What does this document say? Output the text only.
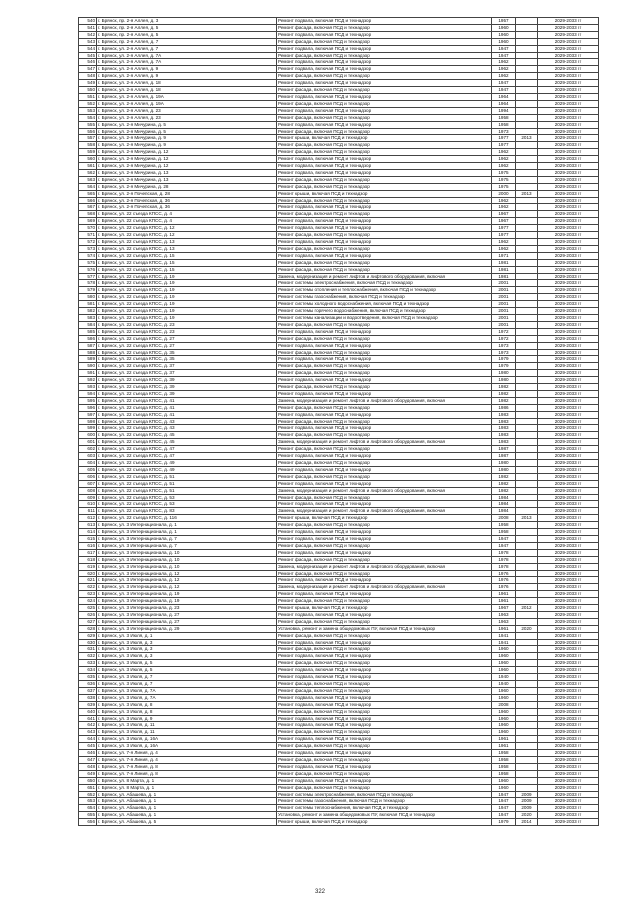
540	г. Брянск, пр. 2-я Аллея, д. 3	Ремонт подвала, включая ПСД и технадзор	1957		2029-2033 гг
541	г. Брянск, пр. 2-я Аллея, д. 5	Ремонт фасада, включая ПСД и технадзор	1960		2029-2033 гг
542	г. Брянск, пр. 2-я Аллея, д. 5	Ремонт подвала, включая ПСД и технадзор	1960		2029-2033 гг
543	г. Брянск, пр. 2-я Аллея, д. 7	Ремонт фасада, включая ПСД и технадзор	1960		2029-2033 гг
544	г. Брянск, ул. 2-я Аллея, д. 7	Ремонт подвала, включая ПСД и технадзор	1947		2029-2033 гг
545	г. Брянск, ул. 2-я Аллея, д. 7А	Ремонт фасада, включая ПСД и технадзор	1947		2029-2033 гг
546	г. Брянск, ул. 2-я Аллея, д. 7А	Ремонт подвала, включая ПСД и технадзор	1962		2029-2033 гг
547	г. Брянск, ул. 2-я Аллея, д. 9	Ремонт подвала, включая ПСД и технадзор	1962		2029-2033 гг
548	г. Брянск, ул. 2-я Аллея, д. 9	Ремонт фасада, включая ПСД и технадзор	1962		2029-2033 гг
549	г. Брянск, ул. 2-я Аллея, д. 18	Ремонт подвала, включая ПСД и технадзор	1947		2029-2033 гг
550	г. Брянск, ул. 2-я Аллея, д. 18	Ремонт фасада, включая ПСД и технадзор	1947		2029-2033 гг
551	г. Брянск, ул. 2-я Аллея, д. 19А	Ремонт подвала, включая ПСД и технадзор	1964		2029-2033 гг
552	г. Брянск, ул. 2-я Аллея, д. 19А	Ремонт фасада, включая ПСД и технадзор	1964		2029-2033 гг
553	г. Брянск, ул. 2-я Аллея, д. 23	Ремонт подвала, включая ПСД и технадзор	1994		2029-2033 гг
554	г. Брянск, ул. 2-я Аллея, д. 23	Ремонт фасада, включая ПСД и технадзор	1958		2029-2033 гг
555	г. Брянск, ул. 2-я Мичурина, д. 5	Ремонт подвала, включая ПСД и технадзор	1958		2029-2033 гг
556	г. Брянск, ул. 2-я Мичурина, д. 5	Ремонт фасада, включая ПСД и технадзор	1973		2029-2033 гг
557	г. Брянск, ул. 2-я Мичурина, д. 9	Ремонт крыши, включая ПСД и технадзор	1977	2013	2029-2033 гг
558	г. Брянск, ул. 2-я Мичурина, д. 9	Ремонт фасада, включая ПСД и технадзор	1977		2029-2033 гг
559	г. Брянск, ул. 2-я Мичурина, д. 12	Ремонт фасада, включая ПСД и технадзор	1962		2029-2033 гг
560	г. Брянск, ул. 2-я Мичурина, д. 12	Ремонт подвала, включая ПСД и технадзор	1962		2029-2033 гг
561	г. Брянск, ул. 2-я Мичурина, д. 12	Ремонт подвала, включая ПСД и технадзор	1962		2029-2033 гг
562	г. Брянск, ул. 2-я Мичурина, д. 13	Ремонт подвала, включая ПСД и технадзор	1975		2029-2033 гг
563	г. Брянск, ул. 2-я Мичурина, д. 13	Ремонт фасада, включая ПСД и технадзор	1975		2029-2033 гг
564	г. Брянск, ул. 2-я Мичурина, д. 28	Ремонт фасада, включая ПСД и технадзор	1975		2029-2033 гг
565	г. Брянск, ул. 2-я Почепская, д. 28	Ремонт крыши, включая ПСД и технадзор	2000	2013	2029-2033 гг
566	г. Брянск, ул. 2-я Почепская, д. 36	Ремонт фасада, включая ПСД и технадзор	1962		2029-2033 гг
567	г. Брянск, ул. 2-я Почепская, д. 36	Ремонт подвала, включая ПСД и технадзор	1962		2029-2033 гг
568	г. Брянск, ул. 22 съезда КПСС, д. 4	Ремонт фасада, включая ПСД и технадзор	1967		2029-2033 гг
569	г. Брянск, ул. 22 съезда КПСС, д. 4	Ремонт подвала, включая ПСД и технадзор	1967		2029-2033 гг
570	г. Брянск, ул. 22 съезда КПСС, д. 12	Ремонт подвала, включая ПСД и технадзор	1977		2029-2033 гг
571	г. Брянск, ул. 22 съезда КПСС, д. 12	Ремонт фасада, включая ПСД и технадзор	1977		2029-2033 гг
572	г. Брянск, ул. 22 съезда КПСС, д. 13	Ремонт подвала, включая ПСД и технадзор	1962		2029-2033 гг
573	г. Брянск, ул. 22 съезда КПСС, д. 13	Ремонт фасада, включая ПСД и технадзор	1962		2029-2033 гг
574	г. Брянск, ул. 22 съезда КПСС, д. 15	Ремонт подвала, включая ПСД и технадзор	1971		2029-2033 гг
575	г. Брянск, ул. 22 съезда КПСС, д. 15	Ремонт фасада, включая ПСД и технадзор	1981		2029-2033 гг
576	г. Брянск, ул. 22 съезда КПСС, д. 15	Ремонт фасада, включая ПСД и технадзор	1981		2029-2033 гг
577	г. Брянск, ул. 22 съезда КПСС, д. 19	Замена, модернизация и ремонт лифтов и лифтового оборудования, включая	1981		2029-2033 гг
578	г. Брянск, ул. 22 съезда КПСС, д. 19	Ремонт системы электроснабжения, включая ПСД и технадзор	2001		2029-2033 гг
579	г. Брянск, ул. 22 съезда КПСС, д. 19	Ремонт системы отопления и теплоснабжения, включая ПСД и технадзор	2001		2029-2033 гг
580	г. Брянск, ул. 22 съезда КПСС, д. 19	Ремонт системы газоснабжения, включая ПСД и технадзор	2001		2029-2033 гг
581	г. Брянск, ул. 22 съезда КПСС, д. 19	Ремонт системы холодного водоснабжения, включая ПСД и технадзор	2001		2029-2033 гг
582	г. Брянск, ул. 22 съезда КПСС, д. 19	Ремонт системы горячего водоснабжения, включая ПСД и технадзор	2001		2029-2033 гг
583	г. Брянск, ул. 22 съезда КПСС, д. 19	Ремонт системы канализации и водоотведения, включая ПСД и технадзор	2001		2029-2033 гг
584	г. Брянск, ул. 22 съезда КПСС, д. 23	Ремонт фасада, включая ПСД и технадзор	2001		2029-2033 гг
585	г. Брянск, ул. 22 съезда КПСС, д. 23	Ремонт подвала, включая ПСД и технадзор	1972		2029-2033 гг
586	г. Брянск, ул. 22 съезда КПСС, д. 27	Ремонт фасада, включая ПСД и технадзор	1972		2029-2033 гг
587	г. Брянск, ул. 22 съезда КПСС, д. 27	Ремонт подвала, включая ПСД и технадзор	1973		2029-2033 гг
588	г. Брянск, ул. 22 съезда КПСС, д. 35	Ремонт фасада, включая ПСД и технадзор	1973		2029-2033 гг
589	г. Брянск, ул. 22 съезда КПСС, д. 35	Ремонт подвала, включая ПСД и технадзор	1979		2029-2033 гг
590	г. Брянск, ул. 22 съезда КПСС, д. 37	Ремонт фасада, включая ПСД и технадзор	1979		2029-2033 гг
591	г. Брянск, ул. 22 съезда КПСС, д. 37	Ремонт фасада, включая ПСД и технадзор	1980		2029-2033 гг
592	г. Брянск, ул. 22 съезда КПСС, д. 39	Ремонт подвала, включая ПСД и технадзор	1980		2029-2033 гг
593	г. Брянск, ул. 22 съезда КПСС, д. 39	Ремонт фасада, включая ПСД и технадзор	1982		2029-2033 гг
594	г. Брянск, ул. 22 съезда КПСС, д. 39	Ремонт подвала, включая ПСД и технадзор	1982		2029-2033 гг
595	г. Брянск, ул. 22 съезда КПСС, д. 41	Замена, модернизация и ремонт лифтов и лифтового оборудования, включая	1982		2029-2033 гг
596	г. Брянск, ул. 22 съезда КПСС, д. 41	Ремонт фасада, включая ПСД и технадзор	1986		2029-2033 гг
597	г. Брянск, ул. 22 съезда КПСС, д. 41	Ремонт подвала, включая ПСД и технадзор	1983		2029-2033 гг
598	г. Брянск, ул. 22 съезда КПСС, д. 43	Ремонт фасада, включая ПСД и технадзор	1983		2029-2033 гг
599	г. Брянск, ул. 22 съезда КПСС, д. 43	Ремонт подвала, включая ПСД и технадзор	1983		2029-2033 гг
600	г. Брянск, ул. 22 съезда КПСС, д. 45	Ремонт фасада, включая ПСД и технадзор	1983		2029-2033 гг
601	г. Брянск, ул. 22 съезда КПСС, д. 45	Замена, модернизация и ремонт лифтов и лифтового оборудования, включая	1983		2029-2033 гг
602	г. Брянск, ул. 22 съезда КПСС, д. 47	Ремонт фасада, включая ПСД и технадзор	1987		2029-2033 гг
603	г. Брянск, ул. 22 съезда КПСС, д. 47	Ремонт подвала, включая ПСД и технадзор	1987		2029-2033 гг
604	г. Брянск, ул. 22 съезда КПСС, д. 49	Ремонт фасада, включая ПСД и технадзор	1980		2029-2033 гг
605	г. Брянск, ул. 22 съезда КПСС, д. 49	Ремонт подвала, включая ПСД и технадзор	1980		2029-2033 гг
606	г. Брянск, ул. 22 съезда КПСС, д. 51	Ремонт фасада, включая ПСД и технадзор	1982		2029-2033 гг
607	г. Брянск, ул. 22 съезда КПСС, д. 51	Ремонт подвала, включая ПСД и технадзор	1982		2029-2033 гг
608	г. Брянск, ул. 22 съезда КПСС, д. 51	Замена, модернизация и ремонт лифтов и лифтового оборудования, включая	1982		2029-2033 гг
609	г. Брянск, ул. 22 съезда КПСС, д. 53	Ремонт фасада, включая ПСД и технадзор	1984		2029-2033 гг
610	г. Брянск, ул. 22 съезда КПСС, д. 53	Ремонт подвала, включая ПСД и технадзор	1984		2029-2033 гг
611	г. Брянск, ул. 22 съезда КПСС, д. 83	Замена, модернизация и ремонт лифтов и лифтового оборудования, включая	1984		2029-2033 гг
612	г. Брянск, ул. 22 съезда КПСС, д. 116	Ремонт крыши, включая ПСД и технадзор	2008	2013	2029-2033 гг
613	г. Брянск, ул. 3 Интернационала, д. 1	Ремонт фасада, включая ПСД и технадзор	1958		2029-2033 гг
614	г. Брянск, ул. 3 Интернационала, д. 1	Ремонт подвала, включая ПСД и технадзор	1958		2029-2033 гг
615	г. Брянск, ул. 3 Интернационала, д. 7	Ремонт подвала, включая ПСД и технадзор	1947		2029-2033 гг
616	г. Брянск, ул. 3 Интернационала, д. 7	Ремонт фасада, включая ПСД и технадзор	1947		2029-2033 гг
617	г. Брянск, ул. 3 Интернационала, д. 10	Ремонт подвала, включая ПСД и технадзор	1978		2029-2033 гг
618	г. Брянск, ул. 3 Интернационала, д. 10	Ремонт фасада, включая ПСД и технадзор	1978		2029-2033 гг
619	г. Брянск, ул. 3 Интернационала, д. 10	Замена, модернизация и ремонт лифтов и лифтового оборудования, включая	1978		2029-2033 гг
620	г. Брянск, ул. 3 Интернационала, д. 12	Ремонт фасада, включая ПСД и технадзор	1976		2029-2033 гг
621	г. Брянск, ул. 3 Интернационала, д. 12	Ремонт подвала, включая ПСД и технадзор	1976		2029-2033 гг
622	г. Брянск, ул. 3 Интернационала, д. 12	Замена, модернизация и ремонт лифтов и лифтового оборудования, включая	1976		2029-2033 гг
623	г. Брянск, ул. 3 Интернационала, д. 19	Ремонт подвала, включая ПСД и технадзор	1961		2029-2033 гг
624	г. Брянск, ул. 3 Интернационала, д. 19	Ремонт фасада, включая ПСД и технадзор	1961		2029-2033 гг
625	г. Брянск, ул. 3 Интернационала, д. 23	Ремонт крыши, включая ПСД и технадзор	1967	2012	2029-2033 гг
626	г. Брянск, ул. 3 Интернационала, д. 27	Ремонт подвала, включая ПСД и технадзор	1963		2029-2033 гг
627	г. Брянск, ул. 3 Интернационала, д. 27	Ремонт фасада, включая ПСД и технадзор	1963		2029-2033 гг
628	г. Брянск, ул. 3 Интернационала, д. 29	Установка, ремонт и замена общедомовых ПУ, включая ПСД и технадзор	1961	2020	2029-2033 гг
629	г. Брянск, ул. 3 Июля, д. 1	Ремонт фасада, включая ПСД и технадзор	1941		2029-2033 гг
630	г. Брянск, ул. 3 Июля, д. 3	Ремонт подвала, включая ПСД и технадзор	1941		2029-2033 гг
631	г. Брянск, ул. 3 Июля, д. 3	Ремонт фасада, включая ПСД и технадзор	1960		2029-2033 гг
632	г. Брянск, ул. 3 Июля, д. 3	Ремонт подвала, включая ПСД и технадзор	1960		2029-2033 гг
633	г. Брянск, ул. 3 Июля, д. 5	Ремонт фасада, включая ПСД и технадзор	1960		2029-2033 гг
634	г. Брянск, ул. 3 Июля, д. 5	Ремонт подвала, включая ПСД и технадзор	1960		2029-2033 гг
635	г. Брянск, ул. 3 Июля, д. 7	Ремонт подвала, включая ПСД и технадзор	1940		2029-2033 гг
636	г. Брянск, ул. 3 Июля, д. 7	Ремонт фасада, включая ПСД и технадзор	1940		2029-2033 гг
637	г. Брянск, ул. 3 Июля, д. 7А	Ремонт фасада, включая ПСД и технадзор	1960		2029-2033 гг
638	г. Брянск, ул. 3 Июля, д. 7А	Ремонт подвала, включая ПСД и технадзор	1960		2029-2033 гг
639	г. Брянск, ул. 3 Июля, д. 8	Ремонт подвала, включая ПСД и технадзор	2008		2029-2033 гг
640	г. Брянск, ул. 3 Июля, д. 8	Ремонт фасада, включая ПСД и технадзор	1960		2029-2033 гг
641	г. Брянск, ул. 3 Июля, д. 9	Ремонт подвала, включая ПСД и технадзор	1960		2029-2033 гг
642	г. Брянск, ул. 3 Июля, д. 11	Ремонт подвала, включая ПСД и технадзор	1960		2029-2033 гг
643	г. Брянск, ул. 3 Июля, д. 11	Ремонт фасада, включая ПСД и технадзор	1960		2029-2033 гг
644	г. Брянск, ул. 3 Июля, д. 16А	Ремонт подвала, включая ПСД и технадзор	1961		2029-2033 гг
645	г. Брянск, ул. 3 Июля, д. 16А	Ремонт фасада, включая ПСД и технадзор	1961		2029-2033 гг
646	г. Брянск, ул. 7-я Линия, д. 4	Ремонт подвала, включая ПСД и технадзор	1958		2029-2033 гг
647	г. Брянск, ул. 7-я Линия, д. 4	Ремонт фасада, включая ПСД и технадзор	1958		2029-2033 гг
648	г. Брянск, ул. 7-я Линия, д. 8	Ремонт подвала, включая ПСД и технадзор	1958		2029-2033 гг
649	г. Брянск, ул. 7-я Линия, д. 8	Ремонт фасада, включая ПСД и технадзор	1958		2029-2033 гг
650	г. Брянск, ул. 8 Марта, д. 1	Ремонт подвала, включая ПСД и технадзор	1960		2029-2033 гг
651	г. Брянск, ул. 8 Марта, д. 1	Ремонт фасада, включая ПСД и технадзор	1960		2029-2033 гг
652	г. Брянск, ул. Абашева, д. 1	Ремонт системы электроснабжения, включая ПСД и технадзор	1947	2009	2029-2033 гг
653	г. Брянск, ул. Абашева, д. 1	Ремонт системы газоснабжения, включая ПСД и технадзор	1947	2009	2029-2033 гг
654	г. Брянск, ул. Абашева, д. 1	Ремонт системы теплоснабжения, включая ПСД и технадзор	1947	2009	2029-2033 гг
655	г. Брянск, ул. Абашева, д. 1	Установка, ремонт и замена общедомовых ПУ, включая ПСД и технадзор	1947	2020	2029-2033 гг
656	г. Брянск, ул. Абашева, д. 5	Ремонт крыши, включая ПСД и технадзор	1979	2014	2029-2033 гг
322
